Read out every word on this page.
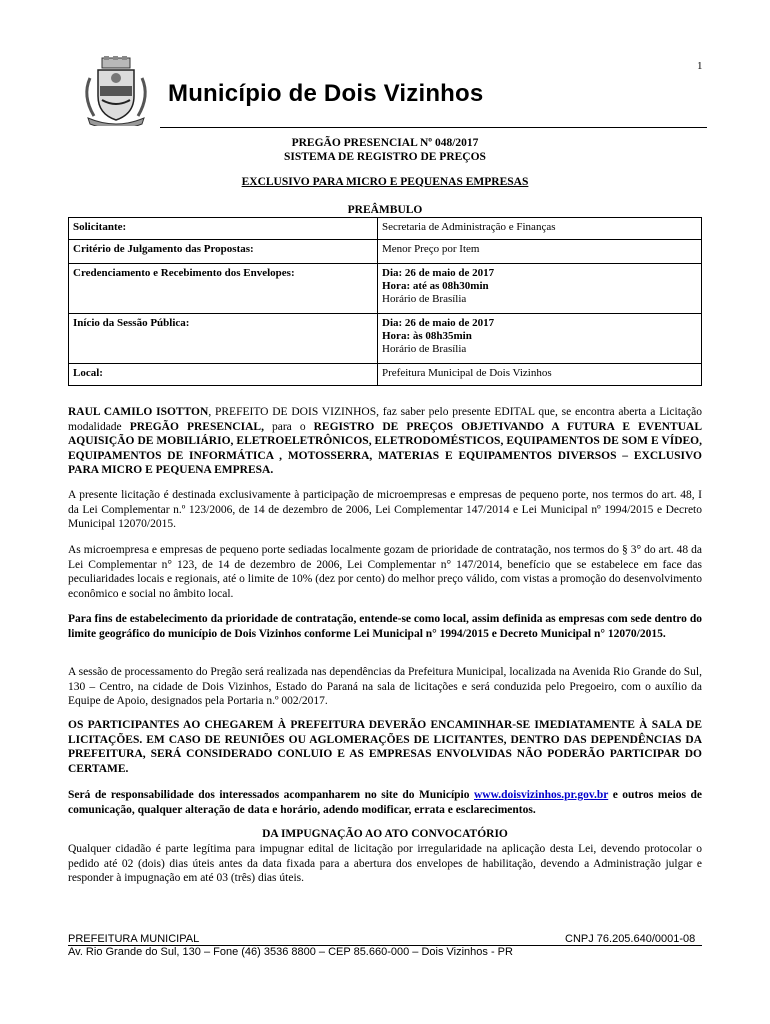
1
Município de Dois Vizinhos
PREGÃO PRESENCIAL Nº 048/2017
SISTEMA DE REGISTRO DE PREÇOS
EXCLUSIVO PARA MICRO E PEQUENAS EMPRESAS
PREÂMBULO
Solicitante:	Secretaria de Administração e Finanças

Critério de Julgamento das Propostas:	Menor Preço por Item

Credenciamento e Recebimento dos Envelopes:	Dia: 26 de maio de 2017
Hora: até as 08h30min
Horário de Brasília

Início da Sessão Pública:	Dia: 26 de maio de 2017
Hora: às 08h35min
Horário de Brasília

Local:	Prefeitura Municipal de Dois Vizinhos

RAUL CAMILO ISOTTON, PREFEITO DE DOIS VIZINHOS, faz saber pelo presente EDITAL que, se encontra aberta a Licitação modalidade PREGÃO PRESENCIAL, para o REGISTRO DE PREÇOS OBJETIVANDO A FUTURA E EVENTUAL AQUISIÇÃO DE MOBILIÁRIO, ELETROELETRÔNICOS, ELETRODOMÉSTICOS, EQUIPAMENTOS DE SOM E VÍDEO, EQUIPAMENTOS DE INFORMÁTICA , MOTOSSERRA, MATERIAS E EQUIPAMENTOS DIVERSOS – EXCLUSIVO PARA MICRO E PEQUENA EMPRESA.

A presente licitação é destinada exclusivamente à participação de microempresas e empresas de pequeno porte, nos termos do art. 48, I da Lei Complementar n.º 123/2006, de 14 de dezembro de 2006, Lei Complementar 147/2014 e Lei Municipal nº 1994/2015 e Decreto Municipal 12070/2015.

As microempresa e empresas de pequeno porte sediadas localmente gozam de prioridade de contratação, nos termos do § 3° do art. 48 da Lei Complementar n° 123, de 14 de dezembro de 2006, Lei Complementar n° 147/2014, benefício que se estabelece em face das peculiaridades locais e regionais, até o limite de 10% (dez por cento) do melhor preço válido, com vistas a promoção do desenvolvimento econômico e social no âmbito local.

Para fins de estabelecimento da prioridade de contratação, entende-se como local, assim definida as empresas com sede dentro do limite geográfico do município de Dois Vizinhos conforme Lei Municipal n° 1994/2015 e Decreto Municipal n° 12070/2015.

A sessão de processamento do Pregão será realizada nas dependências da Prefeitura Municipal, localizada na Avenida Rio Grande do Sul, 130 – Centro, na cidade de Dois Vizinhos, Estado do Paraná na sala de licitações e será conduzida pelo Pregoeiro, com o auxílio da Equipe de Apoio, designados pela Portaria n.º 002/2017.

OS PARTICIPANTES AO CHEGAREM À PREFEITURA DEVERÃO ENCAMINHAR-SE IMEDIATAMENTE À SALA DE LICITAÇÕES. EM CASO DE REUNIÕES OU AGLOMERAÇÕES DE LICITANTES, DENTRO DAS DEPENDÊNCIAS DA PREFEITURA, SERÁ CONSIDERADO CONLUIO E AS EMPRESAS ENVOLVIDAS NÃO PODERÃO PARTICIPAR DO CERTAME.

Será de responsabilidade dos interessados acompanharem no site do Município www.doisvizinhos.pr.gov.br e outros meios de comunicação, qualquer alteração de data e horário, adendo modificar, errata e esclarecimentos.

DA IMPUGNAÇÃO AO ATO CONVOCATÓRIO

Qualquer cidadão é parte legítima para impugnar edital de licitação por irregularidade na aplicação desta Lei, devendo protocolar o pedido até 02 (dois) dias úteis antes da data fixada para a abertura dos envelopes de habilitação, devendo a Administração julgar e responder à impugnação em até 03 (três) dias úteis.

PREFEITURA MUNICIPAL	CNPJ 76.205.640/0001-08
Av. Rio Grande do Sul, 130 – Fone (46) 3536 8800 – CEP 85.660-000 – Dois Vizinhos - PR
